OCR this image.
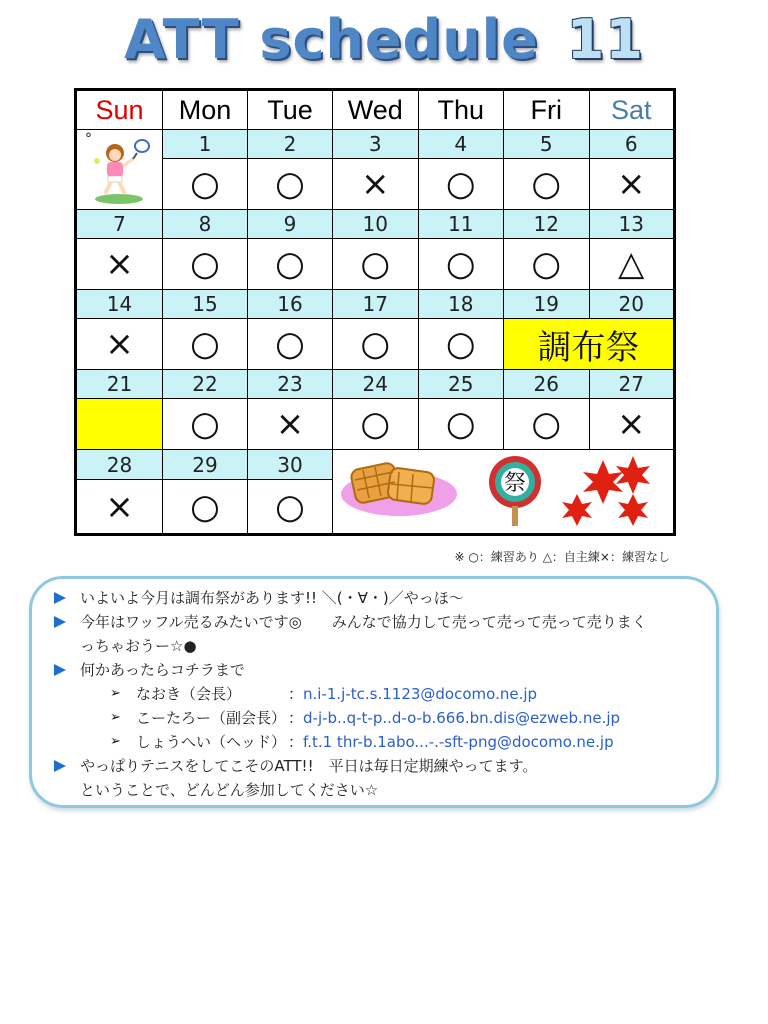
ATT schedule 11
Sun	Mon	Tue	Wed	Thu	Fri	Sat

°	1	2	3	4	5	6
	○	○	×	○	○	×
7	8	9	10	11	12	13
×	○	○	○	○	○	△
14	15	16	17	18	19	20
×	○	○	○	○	調布祭	
21	22	23	24	25	26	27
	○	×	○	○	○	×
28	29	30	祭			

×	○	○				
※ ○：練習あり △：自主練×：練習なし
いよいよ今月は調布祭があります!! ＼(・∀・)／やっほ〜
今年はワッフル売るみたいです◎　　みんなで協力して売って売って売って売りまく
っちゃおうー☆●
何かあったらコチラまで
➢ なおき（会長）	：n.i-1.j-tc.s.1123@docomo.ne.jp
➢ こーたろー（副会長） ：d-j-b..q-t-p..d-o-b.666.bn.dis@ezweb.ne.jp
➢ しょうへい（ヘッド） ：f.t.1 thr-b.1abo...-.-sft-png@docomo.ne.jp
やっぱりテニスをしてこそのATT!!　平日は毎日定期練やってます。
ということで、どんどん参加してください☆
